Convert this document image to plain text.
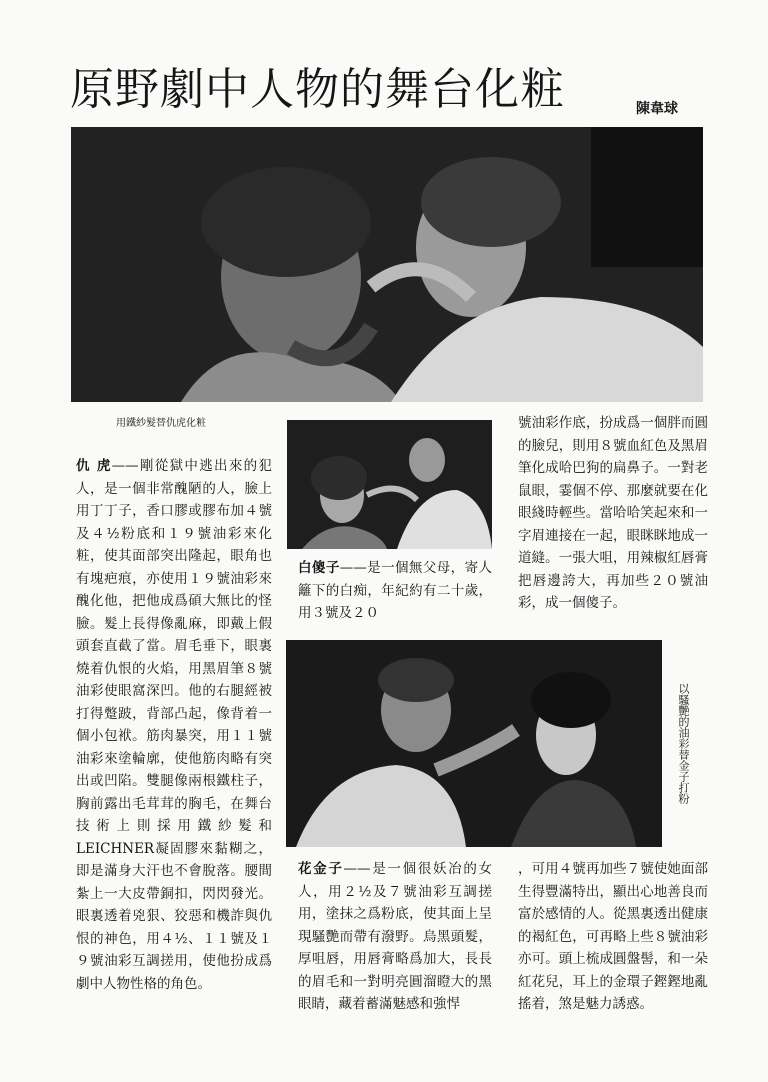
原野劇中人物的舞台化粧	陳韋球
用鐵紗髮替仇虎化粧
以騷艷的油彩替金子打粉
仇 虎——剛從獄中逃出來的犯人，是一個非常醜陋的人，臉上用丁丁子，香口膠或膠布加４號及４½粉底和１９號油彩來化粧，使其面部突出隆起，眼角也有塊疤痕，亦使用１９號油彩來醜化他，把他成爲碩大無比的怪臉。髮上長得像亂麻，即戴上假頭套直截了當。眉毛垂下，眼裏燒着仇恨的火焰，用黑眉筆８號油彩使眼窩深凹。他的右腿經被打得蹩跛，背部凸起，像背着一個小包袱。筋肉暴突，用１１號油彩來塗輪廓，使他筋肉略有突出或凹陷。雙腿像兩根鐵柱子，胸前露出毛茸茸的胸毛，在舞台技術上則採用鐵紗髮和LEICHNER凝固膠來黏糊之，即是滿身大汗也不會脫落。腰間紮上一大皮帶銅扣，閃閃發光。眼裏透着兇狠、狡惡和機詐與仇恨的神色，用４½、１１號及１９號油彩互調搓用，使他扮成爲劇中人物性格的角色。
白傻子——是一個無父母，寄人籬下的白痴，年紀約有二十歲，用３號及２０
號油彩作底，扮成爲一個胖而圓的臉兒，則用８號血紅色及黑眉筆化成哈巴狗的扁鼻子。一對老鼠眼，霎個不停、那麼就要在化眼綫時輕些。當哈哈笑起來和一字眉連接在一起，眼眯眯地成一道縫。一張大咀，用辣椒紅唇膏把唇邊誇大，再加些２０號油彩，成一個傻子。
花金子——是一個很妖冶的女人，用２½及７號油彩互調搓用，塗抹之爲粉底，使其面上呈現騷艷而帶有潑野。烏黑頭髮，厚咀唇，用唇膏略爲加大，長長的眉毛和一對明亮圓溜瞪大的黑眼睛，藏着蓄滿魅感和強悍
，可用４號再加些７號使她面部生得豐滿特出，顯出心地善良而富於感情的人。從黑裏透出健康的褐紅色，可再略上些８號油彩亦可。頭上梳成圓盤髻，和一朵紅花兒，耳上的金環子鏗鏗地亂搖着，煞是魅力誘惑。
